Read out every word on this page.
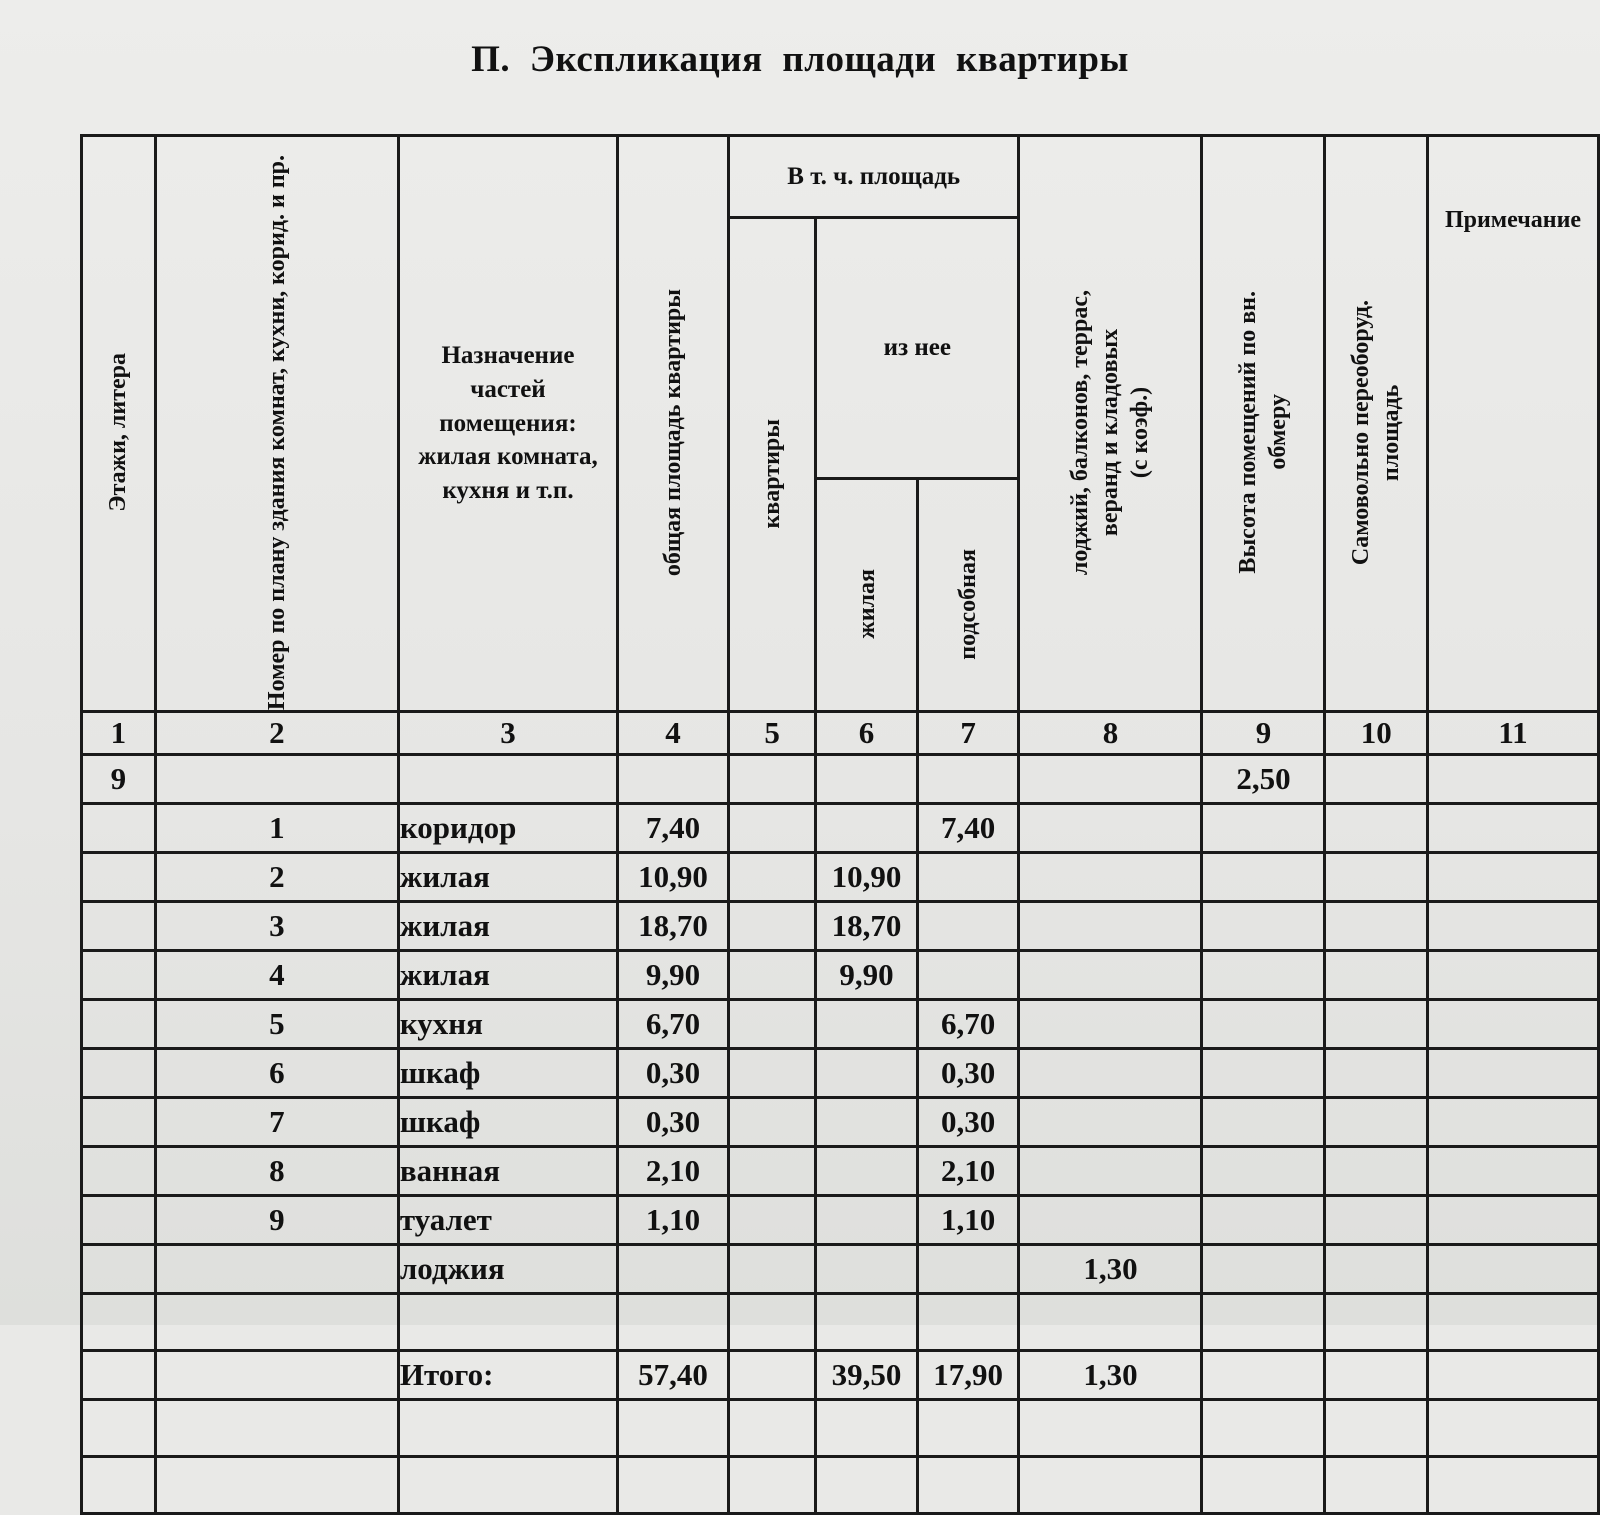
П. Экспликация площади квартиры
Этажи, литера	Номер по плану здания комнат, кухни, корид. и пр.	Назначение
частей
помещения:
жилая комната,
кухня и т.п.	общая площадь квартиры	В т. ч. площадь			лоджий, балконов, террас,
веранд и кладовых
(с коэф.)	Высота помещений по вн.
обмеру	Самовольно переоборуд.
площадь	Примечание

				квартиры	из нее					

					жилая	подсобная				

1	2	3	4	5	6	7	8	9	10	11
9								2,50		
	1	коридор	7,40			7,40				
	2	жилая	10,90		10,90					
	3	жилая	18,70		18,70					
	4	жилая	9,90		9,90					
	5	кухня	6,70			6,70				
	6	шкаф	0,30			0,30				
	7	шкаф	0,30			0,30				
	8	ванная	2,10			2,10				
	9	туалет	1,10			1,10				
		лоджия					1,30			

		Итого:	57,40		39,50	17,90	1,30			
